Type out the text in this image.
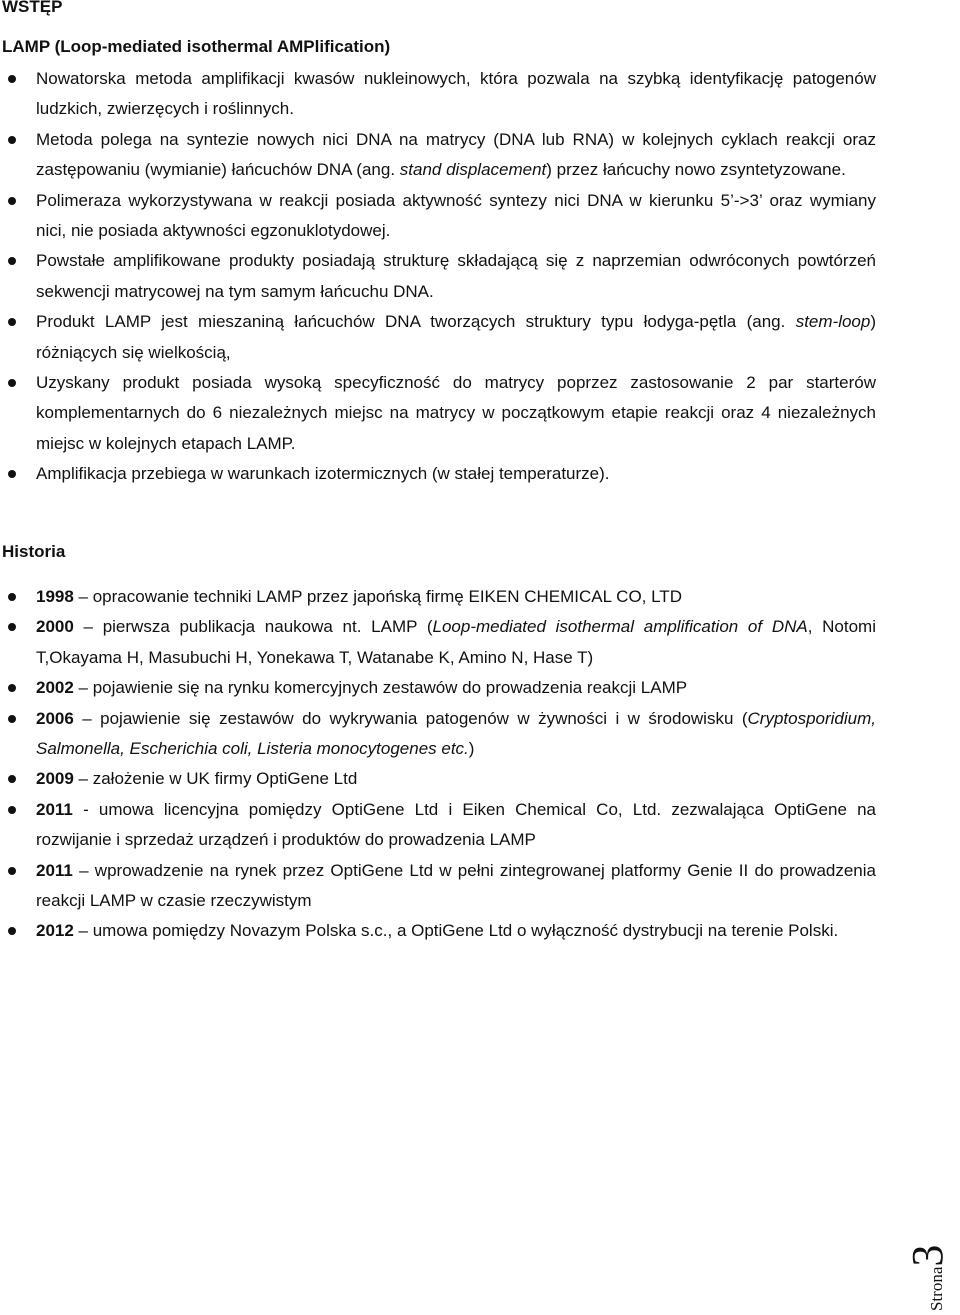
WSTĘP
LAMP (Loop-mediated isothermal AMPlification)
Nowatorska metoda amplifikacji kwasów nukleinowych, która pozwala na szybką identyfikację patogenów ludzkich, zwierzęcych i roślinnych.
Metoda polega na syntezie nowych nici DNA na matrycy (DNA lub RNA) w kolejnych cyklach reakcji oraz zastępowaniu (wymianie) łańcuchów DNA (ang. stand displacement) przez łańcuchy nowo zsyntetyzowane.
Polimeraza wykorzystywana w reakcji posiada aktywność syntezy nici DNA w kierunku 5’->3’ oraz wymiany nici, nie posiada aktywności egzonuklotydowej.
Powstałe amplifikowane produkty posiadają strukturę składającą się z naprzemian odwróconych powtórzeń sekwencji matrycowej na tym samym łańcuchu DNA.
Produkt LAMP jest mieszaniną łańcuchów DNA tworzących struktury typu łodyga-pętla (ang. stem-loop) różniących się wielkością,
Uzyskany produkt posiada wysoką specyficzność do matrycy poprzez zastosowanie 2 par starterów komplementarnych do 6 niezależnych miejsc na matrycy w początkowym etapie reakcji oraz 4 niezależnych miejsc w kolejnych etapach LAMP.
Amplifikacja przebiega w warunkach izotermicznych (w stałej temperaturze).
Historia
1998 – opracowanie techniki LAMP przez japońską firmę EIKEN CHEMICAL CO, LTD
2000 – pierwsza publikacja naukowa nt. LAMP (Loop-mediated isothermal amplification of DNA, Notomi T,Okayama H, Masubuchi H, Yonekawa T, Watanabe K, Amino N, Hase T)
2002 – pojawienie się na rynku komercyjnych zestawów do prowadzenia reakcji LAMP
2006 – pojawienie się zestawów do wykrywania patogenów w żywności i w środowisku (Cryptosporidium, Salmonella, Escherichia coli, Listeria monocytogenes etc.)
2009 – założenie w UK firmy OptiGene Ltd
2011 - umowa licencyjna pomiędzy OptiGene Ltd i Eiken Chemical Co, Ltd. zezwalająca OptiGene na rozwijanie i sprzedaż urządzeń i produktów do prowadzenia LAMP
2011 – wprowadzenie na rynek przez OptiGene Ltd w pełni zintegrowanej platformy Genie II do prowadzenia reakcji LAMP w czasie rzeczywistym
2012 – umowa pomiędzy Novazym Polska s.c., a OptiGene Ltd o wyłączność dystrybucji na terenie Polski.
Strona3
